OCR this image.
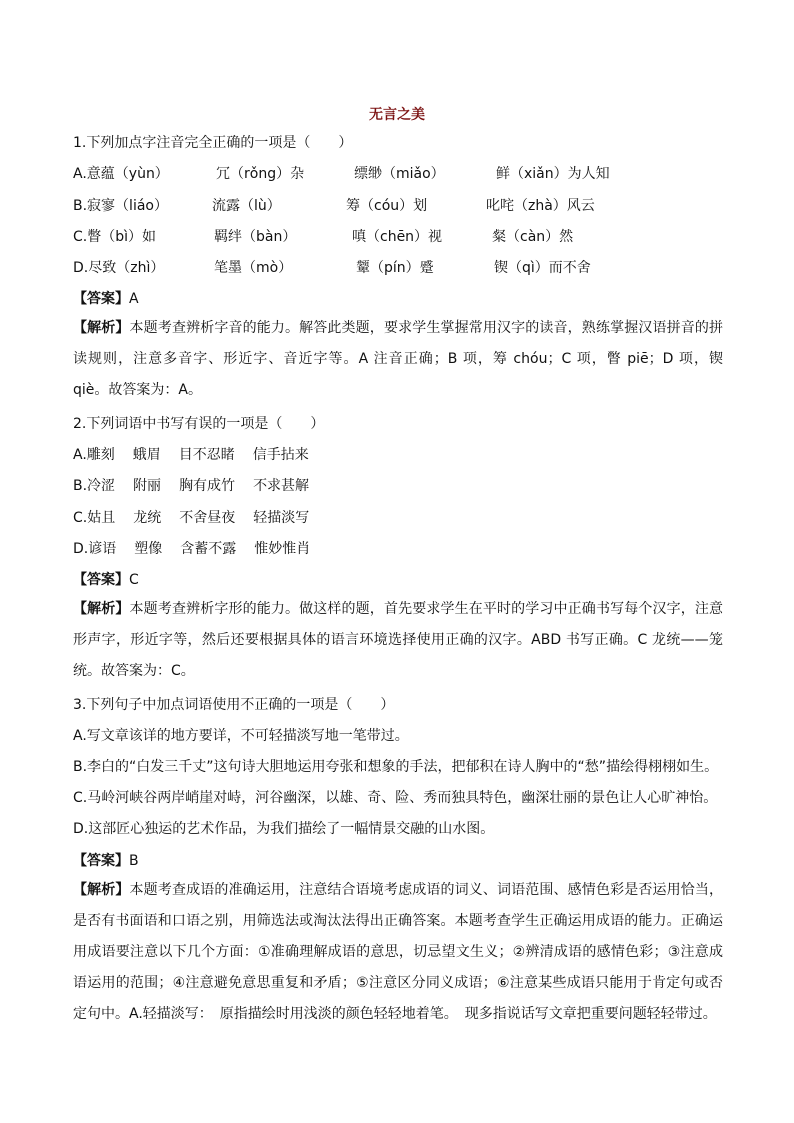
无言之美
1.下列加点字注音完全正确的一项是（　　）
A.意蕴（yùn）	冗（rǒng）杂	缥缈（miǎo）	鲜（xiǎn）为人知
B.寂寥（liáo）	流露（lù）	筹（cóu）划	叱咤（zhà）风云
C.瞥（bì）如	羁绊（bàn）	嗔（chēn）视	粲（càn）然
D.尽致（zhì）	笔墨（mò）	颦（pín）蹙	锲（qì）而不舍
【答案】A
【解析】本题考查辨析字音的能力。解答此类题，要求学生掌握常用汉字的读音，熟练掌握汉语拼音的拼读规则，注意多音字、形近字、音近字等。A 注音正确；B 项，筹 chóu；C 项，瞥 piē；D 项，锲 qiè。故答案为：A。
2.下列词语中书写有误的一项是（　　）
A.雕刻 蛾眉 目不忍睹 信手拈来
B.冷涩 附丽 胸有成竹 不求甚解
C.姑且 龙统 不舍昼夜 轻描淡写
D.谚语 塑像 含蓄不露 惟妙惟肖
【答案】C
【解析】本题考查辨析字形的能力。做这样的题，首先要求学生在平时的学习中正确书写每个汉字，注意形声字，形近字等，然后还要根据具体的语言环境选择使用正确的汉字。ABD 书写正确。C 龙统——笼统。故答案为：C。
3.下列句子中加点词语使用不正确的一项是（　　）
A.写文章该详的地方要详，不可轻描淡写地一笔带过。
B.李白的“白发三千丈”这句诗大胆地运用夸张和想象的手法，把郁积在诗人胸中的“愁”描绘得栩栩如生。
C.马岭河峡谷两岸峭崖对峙，河谷幽深，以雄、奇、险、秀而独具特色，幽深壮丽的景色让人心旷神怡。
D.这部匠心独运的艺术作品，为我们描绘了一幅情景交融的山水图。
【答案】B
【解析】本题考查成语的准确运用，注意结合语境考虑成语的词义、词语范围、感情色彩是否运用恰当，是否有书面语和口语之别，用筛选法或淘汰法得出正确答案。本题考查学生正确运用成语的能力。正确运用成语要注意以下几个方面：①准确理解成语的意思，切忌望文生义；②辨清成语的感情色彩；③注意成语运用的范围；④注意避免意思重复和矛盾；⑤注意区分同义成语；⑥注意某些成语只能用于肯定句或否定句中。A.轻描淡写：　原指描绘时用浅淡的颜色轻轻地着笔。　现多指说话写文章把重要问题轻轻带过。
